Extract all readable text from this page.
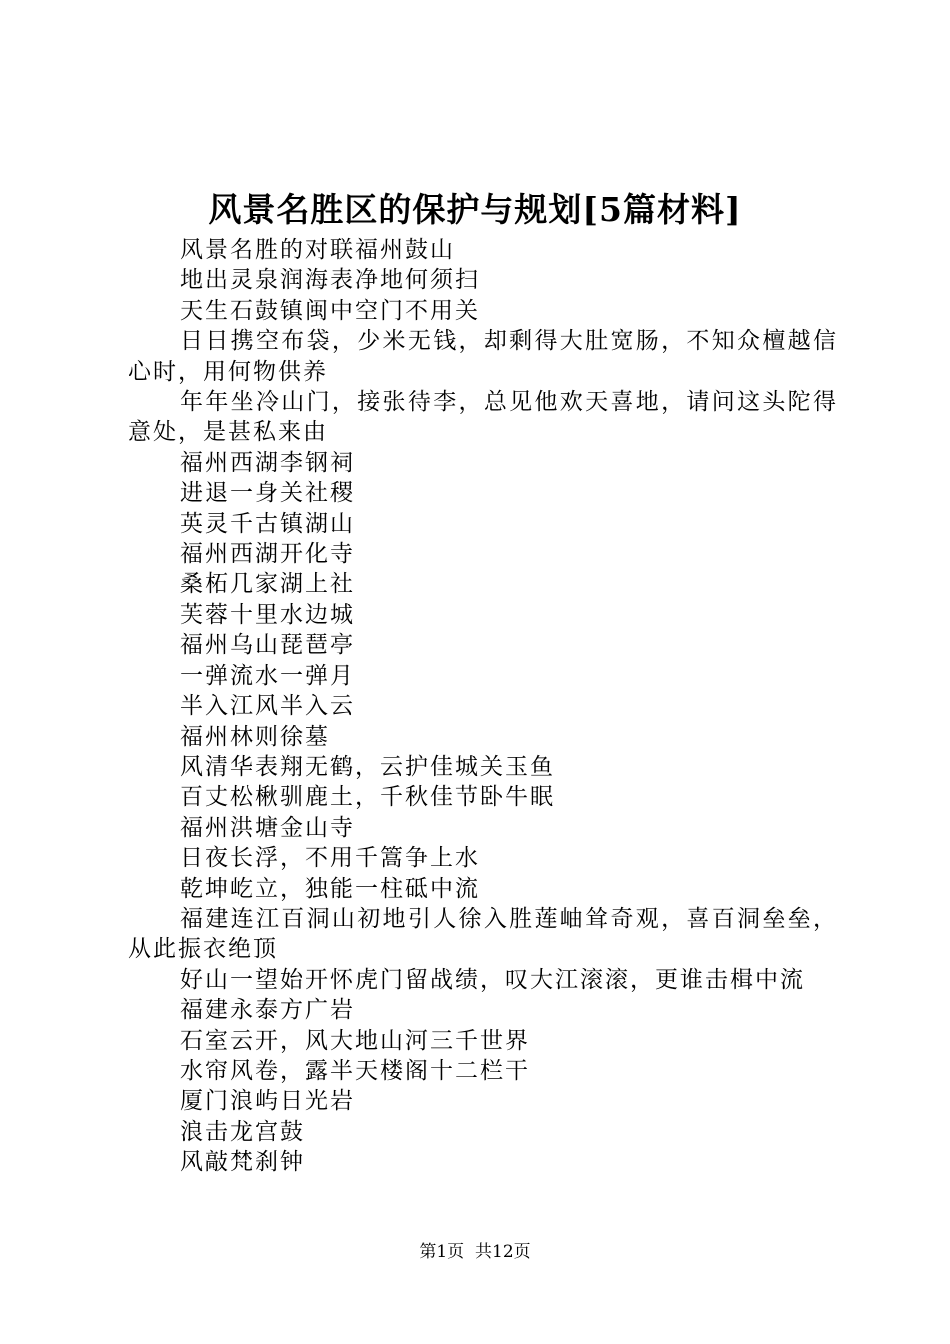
风景名胜区的保护与规划[5篇材料]

风景名胜的对联福州鼓山

地出灵泉润海表净地何须扫

天生石鼓镇闽中空门不用关

日日携空布袋，少米无钱，却剩得大肚宽肠，不知众檀越信心时，用何物供养

年年坐冷山门，接张待李，总见他欢天喜地，请问这头陀得意处，是甚私来由

福州西湖李钢祠

进退一身关社稷

英灵千古镇湖山

福州西湖开化寺

桑柘几家湖上社

芙蓉十里水边城

福州乌山琵琶亭

一弹流水一弹月

半入江风半入云

福州林则徐墓

风清华表翔无鹤，云护佳城关玉鱼

百丈松楸驯鹿土，千秋佳节卧牛眠

福州洪塘金山寺

日夜长浮，不用千篙争上水

乾坤屹立，独能一柱砥中流

福建连江百洞山初地引人徐入胜莲岫耸奇观，喜百洞垒垒，从此振衣绝顶

好山一望始开怀虎门留战绩，叹大江滚滚，更谁击楫中流

福建永泰方广岩

石室云开，风大地山河三千世界

水帘风卷，露半天楼阁十二栏干

厦门浪屿日光岩

浪击龙宫鼓

风敲梵刹钟

第1页 共12页
